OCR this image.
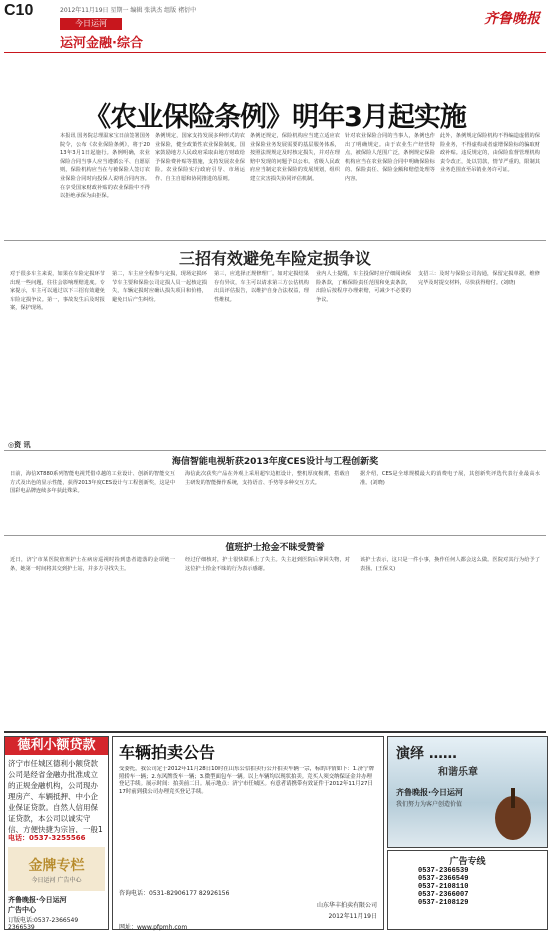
C10	2012年11月19日 星期一 编辑 张洪杰 组版 褚衍中
今日运河
运河金融·综合
齐鲁晚报
《农业保险条例》明年3月起实施
本报讯 国务院总理温家宝日前签署国务院令，公布《农业保险条例》，将于2013年3月1日起施行。条例明确，农业保险合同当事人应当遵循公平、自愿原则，保险机构应当在与被保险人签订农业保险合同时向投保人说明合同内容。在享受国家财政补贴的农业保险中不得以拒绝承保为由拒保。
条例规定，国家支持发展多种形式的农业保险，健全政策性农业保险制度。国家鼓励地方人民政府采取由地方财政给予保险费补贴等措施，支持发展农业保险。农业保险实行政府引导、市场运作、自主自愿和协同推进的原则。
条例还规定，保险机构应当建立适应农业保险业务发展需要的基层服务体系，按照法规规定及时核定损失，并对在理赔中发现的问题予以公布。省级人民政府应当制定农业保险的发展规划，组织建立灾害损失协同评估机制。
针对农业保险合同的当事人，条例也作出了明确规定。由于农业生产经营特点，被保险人范围广泛，条例规定保险机构应当在农业保险合同中明确保险标的、保险责任、保险金额和赔偿处理等内容。
此外，条例规定保险机构不得编造虚假的保险业务，不得虚构或者虚增保险标的骗取财政补贴。违反规定的，由保险监督管理机构责令改正，处以罚款，情节严重的，限制其业务范围直至吊销业务许可证。
三招有效避免车险定损争议
对于很多车主来说，如果在车险定损环节出现一些问题，往往会影响理赔进度。专家提示，车主可以通过以下三招有效避免车险定损争议。第一，事故发生后及时报案，保护现场。
第二，车主应全程参与定损，现场定损环节车主要和保险公司定损人员一起核定损失，车辆定损时应确认损失项目和价格，避免日后产生纠纷。
第三，应选择正规修理厂。如对定损结果存有异议，车主可以请求第三方公估机构出具评估报告，以维护自身合法权益，理性维权。
业内人士提醒，车主投保时应仔细阅读保险条款，了解保险责任范围和免责条款，出险后按程序办理索赔，可减少不必要的争议。
支招三：及时与保险公司沟通，保留定损单据，维修完毕及时提交材料，尽快获得赔付。(刘晓)
◎资 讯
海信智能电视斩获2013年度CES设计与工程创新奖
日前，海信XT880系列智能电视凭借卓越的工业设计、创新的智能交互方式及出色的显示性能，获得2013年度CES设计与工程创新奖，这是中国彩电品牌连续多年获此殊荣。
海信此次获奖产品在外观上采用超窄边框设计，整机厚度极薄，搭载自主研发的智能操作系统，支持语音、手势等多种交互方式。
据介绍，CES是全球规模最大的消费电子展，其创新奖评选代表行业最高水准。(刘晓)
值班护士抢金不昧受赞誉
近日，济宁市某医院值班护士在病房巡视时捡到患者遗落的金项链一条，她第一时间将其交到护士站，并多方寻找失主。
经过仔细核对，护士很快联系上了失主。失主赶到医院后拿回失物，对这位护士拾金不昧的行为表示感谢。
该护士表示，这只是一件小事，换作任何人都会这么做。医院对其行为给予了表扬。(王保义)
德利小额贷款
济宁市任城区德利小额贷款公司是经省金融办批准成立的正规金融机构，公司现办理房产、车辆抵押、中小企业保证贷款。自然人信用保证贷款，本公司以诚实守信、方便快捷为宗旨，一般1
电话：0537-3255566
金牌专栏
今日运河 广告中心
齐鲁晚报·今日运河
广告中心
订版电话:0537-2366549 2366539
车辆拍卖公告
受委托，我公司定于2012年11月28日10时在山东公信拍卖行公开拍卖车辆一宗，标的详情如下：1.济宁牌照轿车一辆；2.东风牌货车一辆；3.微型面包车一辆。以上车辆均以现状拍卖。竞买人须交纳保证金并办理登记手续。展示时间：拍卖前二日。展示地点：济宁市任城区。有意者请携带有效证件于2012年11月27日17时前到我公司办理竞买登记手续。
咨询电话：0531-82906177 82926156
山东华丰拍卖有限公司
2012年11月19日
网址：www.pfpmh.com
演绎 ……
和谐乐章
齐鲁晚报·今日运河
我们努力为客户创造价值
广告专线
0537-2366539
0537-2366549
0537-2108110
0537-2366007
0537-2108129
